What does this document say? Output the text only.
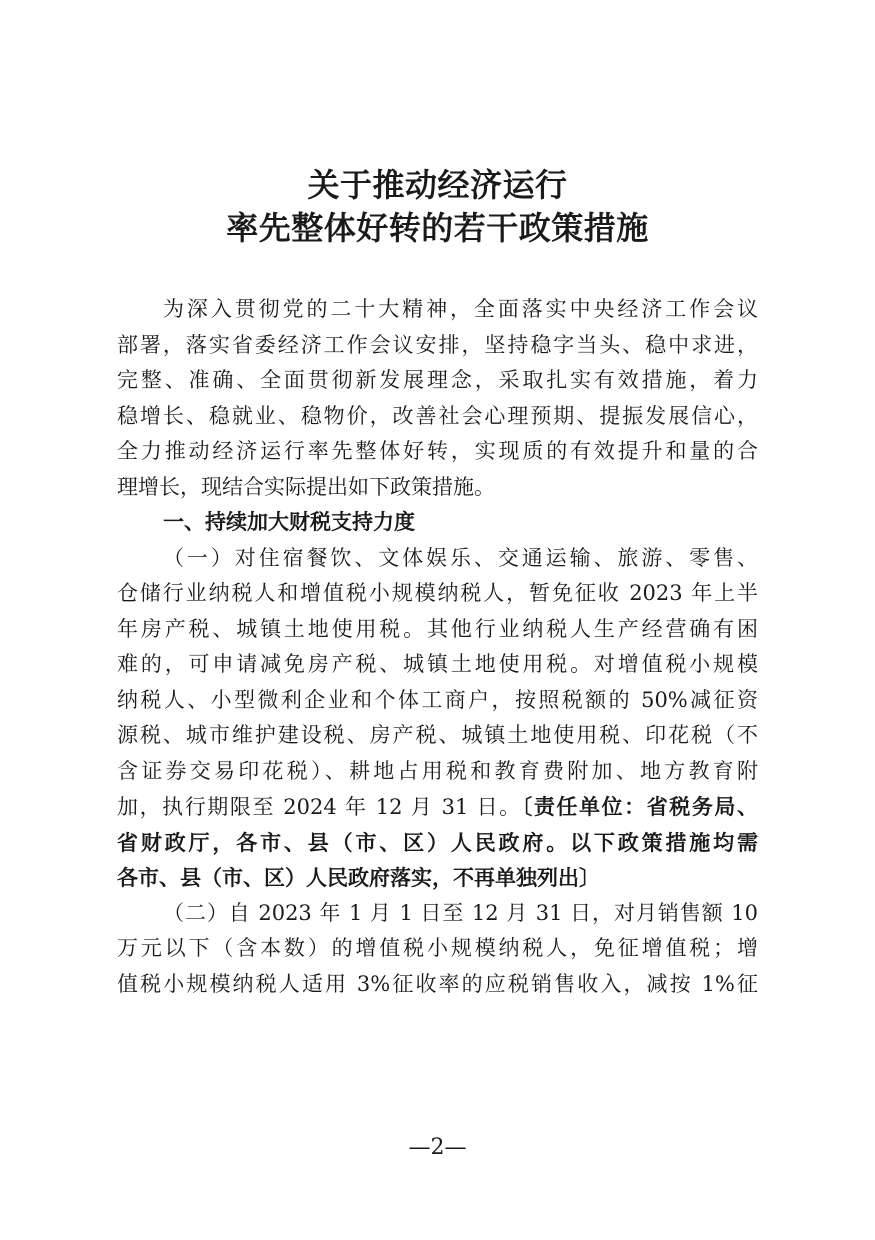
关于推动经济运行
率先整体好转的若干政策措施
为深入贯彻党的二十大精神，全面落实中央经济工作会议
部署，落实省委经济工作会议安排，坚持稳字当头、稳中求进，
完整、准确、全面贯彻新发展理念，采取扎实有效措施，着力
稳增长、稳就业、稳物价，改善社会心理预期、提振发展信心，
全力推动经济运行率先整体好转，实现质的有效提升和量的合
理增长，现结合实际提出如下政策措施。
一、持续加大财税支持力度
（一）对住宿餐饮、文体娱乐、交通运输、旅游、零售、
仓储行业纳税人和增值税小规模纳税人，暂免征收 2023 年上半
年房产税、城镇土地使用税。其他行业纳税人生产经营确有困
难的，可申请减免房产税、城镇土地使用税。对增值税小规模
纳税人、小型微利企业和个体工商户，按照税额的 50%减征资
源税、城市维护建设税、房产税、城镇土地使用税、印花税（不
含证券交易印花税）、耕地占用税和教育费附加、地方教育附
加，执行期限至 2024 年 12 月 31 日。〔责任单位：省税务局、
省财政厅，各市、县（市、区）人民政府。以下政策措施均需
各市、县（市、区）人民政府落实，不再单独列出〕
（二）自 2023 年 1 月 1 日至 12 月 31 日，对月销售额 10
万元以下（含本数）的增值税小规模纳税人，免征增值税；增
值税小规模纳税人适用 3%征收率的应税销售收入，减按 1%征
—2—
